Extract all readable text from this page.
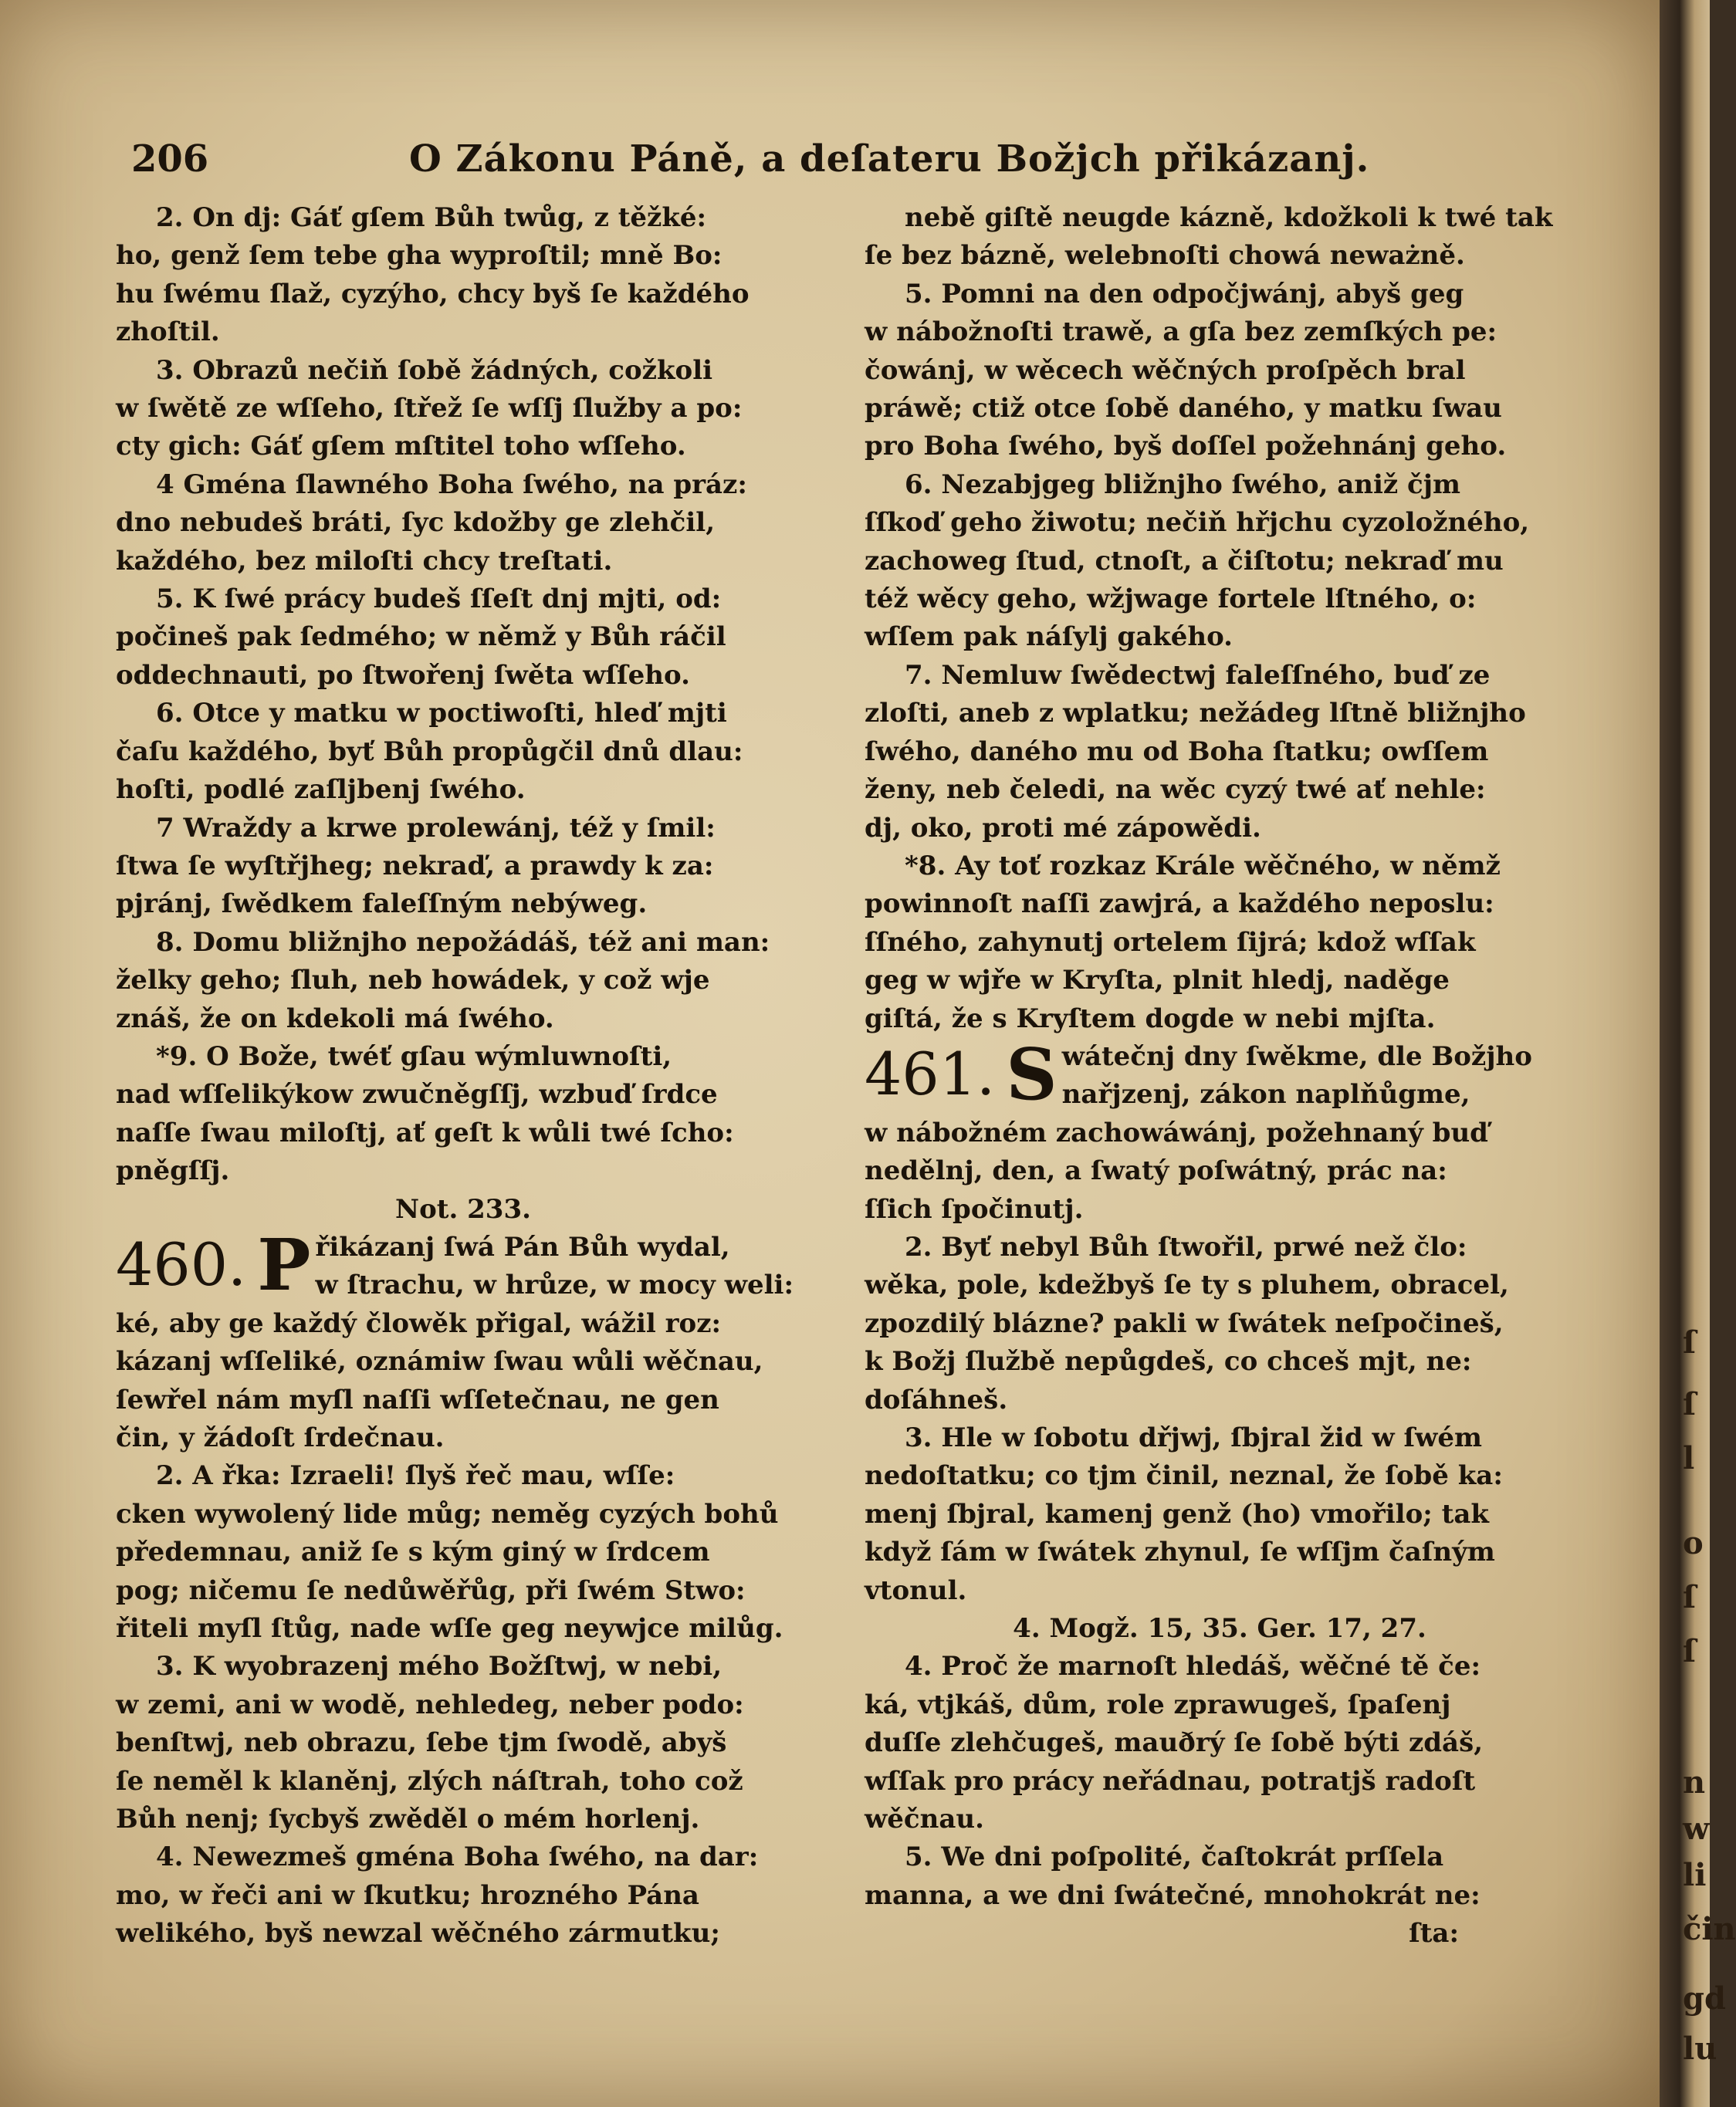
206	O Zákonu Páně, a deſateru Božjch přikázanj.
2. On dj: Gáť gſem Bůh twůg, z těžké:
ho, genž ſem tebe gha wyproſtil; mně Bo:
hu ſwému ſlaž, cyzýho, chcy byš ſe každého
zhoſtil.
3. Obrazů nečiň ſobě žádných, cožkoli
w ſwětě ze wſſeho, ſtřež ſe wſſj ſlužby a po:
cty gich: Gáť gſem mſtitel toho wſſeho.
4 Gména ſlawného Boha ſwého, na práz:
dno nebudeš bráti, ſyc kdožby ge zlehčil,
každého, bez miloſti chcy treſtati.
5. K ſwé prácy budeš ſſeſt dnj mjti, od:
počineš pak ſedmého; w němž y Bůh ráčil
oddechnauti, po ſtwořenj ſwěta wſſeho.
6. Otce y matku w poctiwoſti, hleď mjti
čaſu každého, byť Bůh propůgčil dnů dlau:
hoſti, podlé zaſljbenj ſwého.
7 Wraždy a krwe prolewánj, též y ſmil:
ſtwa ſe wyſtřjheg; nekraď, a prawdy k za:
pjránj, ſwědkem faleſſným nebýweg.
8. Domu bližnjho nepožádáš, též ani man:
želky geho; ſluh, neb howádek, y což wje
znáš, že on kdekoli má ſwého.
*9. O Bože, twéť gſau wýmluwnoſti,
nad wſſelikýkow zwučněgſſj, wzbuď ſrdce
naſſe ſwau miloſtj, ať geſt k wůli twé ſcho:
pněgſſj.
Not. 233.
460. P řikázanj ſwá Pán Bůh wydal,
w ſtrachu, w hrůze, w mocy weli:
ké, aby ge každý člowěk přigal, wážil roz:
kázanj wſſeliké, oznámiw ſwau wůli wěčnau,
ſewřel nám myſl naſſi wſſetečnau, ne gen
čin, y žádoſt ſrdečnau.
2. A řka: Izraeli! ſlyš řeč mau, wſſe:
cken wywolený lide můg; neměg cyzých bohů
předemnau, aniž ſe s kým giný w ſrdcem
pog; ničemu ſe nedůwěřůg, při ſwém Stwo:
řiteli myſl ſtůg, nade wſſe geg neywjce milůg.
3. K wyobrazenj mého Božſtwj, w nebi,
w zemi, ani w wodě, nehledeg, neber podo:
benſtwj, neb obrazu, ſebe tjm ſwodě, abyš
ſe neměl k klaněnj, zlých náſtrah, toho což
Bůh nenj; ſycbyš zwěděl o mém horlenj.
4. Newezmeš gména Boha ſwého, na dar:
mo, w řeči ani w ſkutku; hrozného Pána
welikého, byš newzal wěčného zármutku;
nebě giſtě neugde kázně, kdožkoli k twé tak
ſe bez bázně, welebnoſti chowá neważně.
5. Pomni na den odpočjwánj, abyš geg
w nábožnoſti trawě, a gſa bez zemſkých pe:
čowánj, w wěcech wěčných proſpěch bral
práwě; ctiž otce ſobě daného, y matku ſwau
pro Boha ſwého, byš doſſel požehnánj geho.
6. Nezabjgeg bližnjho ſwého, aniž čjm
ſſkoď geho žiwotu; nečiň hřjchu cyzoložného,
zachoweg ſtud, ctnoſt, a čiſtotu; nekraď mu
též wěcy geho, wžjwage fortele lſtného, o:
wſſem pak náſylj gakého.
7. Nemluw ſwědectwj faleſſného, buď ze
zloſti, aneb z wplatku; nežádeg lſtně bližnjho
ſwého, daného mu od Boha ſtatku; owſſem
ženy, neb čeledi, na wěc cyzý twé ať nehle:
dj, oko, proti mé zápowědi.
*8. Ay toť rozkaz Krále wěčného, w němž
powinnoſt naſſi zawjrá, a každého neposlu:
ſſného, zahynutj ortelem ſijrá; kdož wſſak
geg w wjře w Kryſta, plnit hledj, naděge
giſtá, že s Kryſtem dogde w nebi mjſta.
461. S wátečnj dny ſwěkme, dle Božjho
nařjzenj, zákon naplňůgme,
w nábožném zachowáwánj, požehnaný buď
nedělnj, den, a ſwatý poſwátný, prác na:
ſſich ſpočinutj.
2. Byť nebyl Bůh ſtwořil, prwé než člo:
wěka, pole, kdežbyš ſe ty s pluhem, obracel,
zpozdilý blázne? pakli w ſwátek neſpočineš,
k Božj ſlužbě nepůgdeš, co chceš mjt, ne:
doſáhneš.
3. Hle w ſobotu dřjwj, ſbjral žid w ſwém
nedoſtatku; co tjm činil, neznal, že ſobě ka:
menj ſbjral, kamenj genž (ho) vmořilo; tak
když ſám w ſwátek zhynul, ſe wſſjm čaſným
vtonul.
4. Mogž. 15, 35. Ger. 17, 27.
4. Proč že marnoſt hledáš, wěčné tě če:
ká, vtjkáš, dům, role zprawugeš, ſpaſenj
duſſe zlehčugeš, mauðrý ſe ſobě býti zdáš,
wſſak pro prácy neřádnau, potratjš radoſt
wěčnau.
5. We dni poſpolité, čaſtokrát prſſela
manna, a we dni ſwátečné, mnohokrát ne:
ſta:
ſ
ſ
l
o
ſ
ſ
n
w
li
čin
gd
lu
